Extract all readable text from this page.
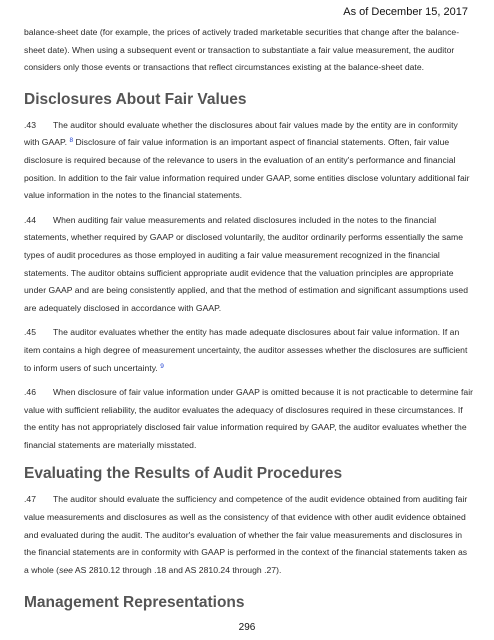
As of December 15, 2017

balance-sheet date (for example, the prices of actively traded marketable securities that change after the balance-sheet date). When using a subsequent event or transaction to substantiate a fair value measurement, the auditor considers only those events or transactions that reflect circumstances existing at the balance-sheet date.

Disclosures About Fair Values

.43 The auditor should evaluate whether the disclosures about fair values made by the entity are in conformity with GAAP. $^8$ Disclosure of fair value information is an important aspect of financial statements. Often, fair value disclosure is required because of the relevance to users in the evaluation of an entity's performance and financial position. In addition to the fair value information required under GAAP, some entities disclose voluntary additional fair value information in the notes to the financial statements.

.44 When auditing fair value measurements and related disclosures included in the notes to the financial statements, whether required by GAAP or disclosed voluntarily, the auditor ordinarily performs essentially the same types of audit procedures as those employed in auditing a fair value measurement recognized in the financial statements. The auditor obtains sufficient appropriate audit evidence that the valuation principles are appropriate under GAAP and are being consistently applied, and that the method of estimation and significant assumptions used are adequately disclosed in accordance with GAAP.

.45 The auditor evaluates whether the entity has made adequate disclosures about fair value information. If an item contains a high degree of measurement uncertainty, the auditor assesses whether the disclosures are sufficient to inform users of such uncertainty. $^9$

.46 When disclosure of fair value information under GAAP is omitted because it is not practicable to determine fair value with sufficient reliability, the auditor evaluates the adequacy of disclosures required in these circumstances. If the entity has not appropriately disclosed fair value information required by GAAP, the auditor evaluates whether the financial statements are materially misstated.

Evaluating the Results of Audit Procedures

.47 The auditor should evaluate the sufficiency and competence of the audit evidence obtained from auditing fair value measurements and disclosures as well as the consistency of that evidence with other audit evidence obtained and evaluated during the audit. The auditor's evaluation of whether the fair value measurements and disclosures in the financial statements are in conformity with GAAP is performed in the context of the financial statements taken as a whole (see AS 2810.12 through .18 and AS 2810.24 through .27).

Management Representations
296
